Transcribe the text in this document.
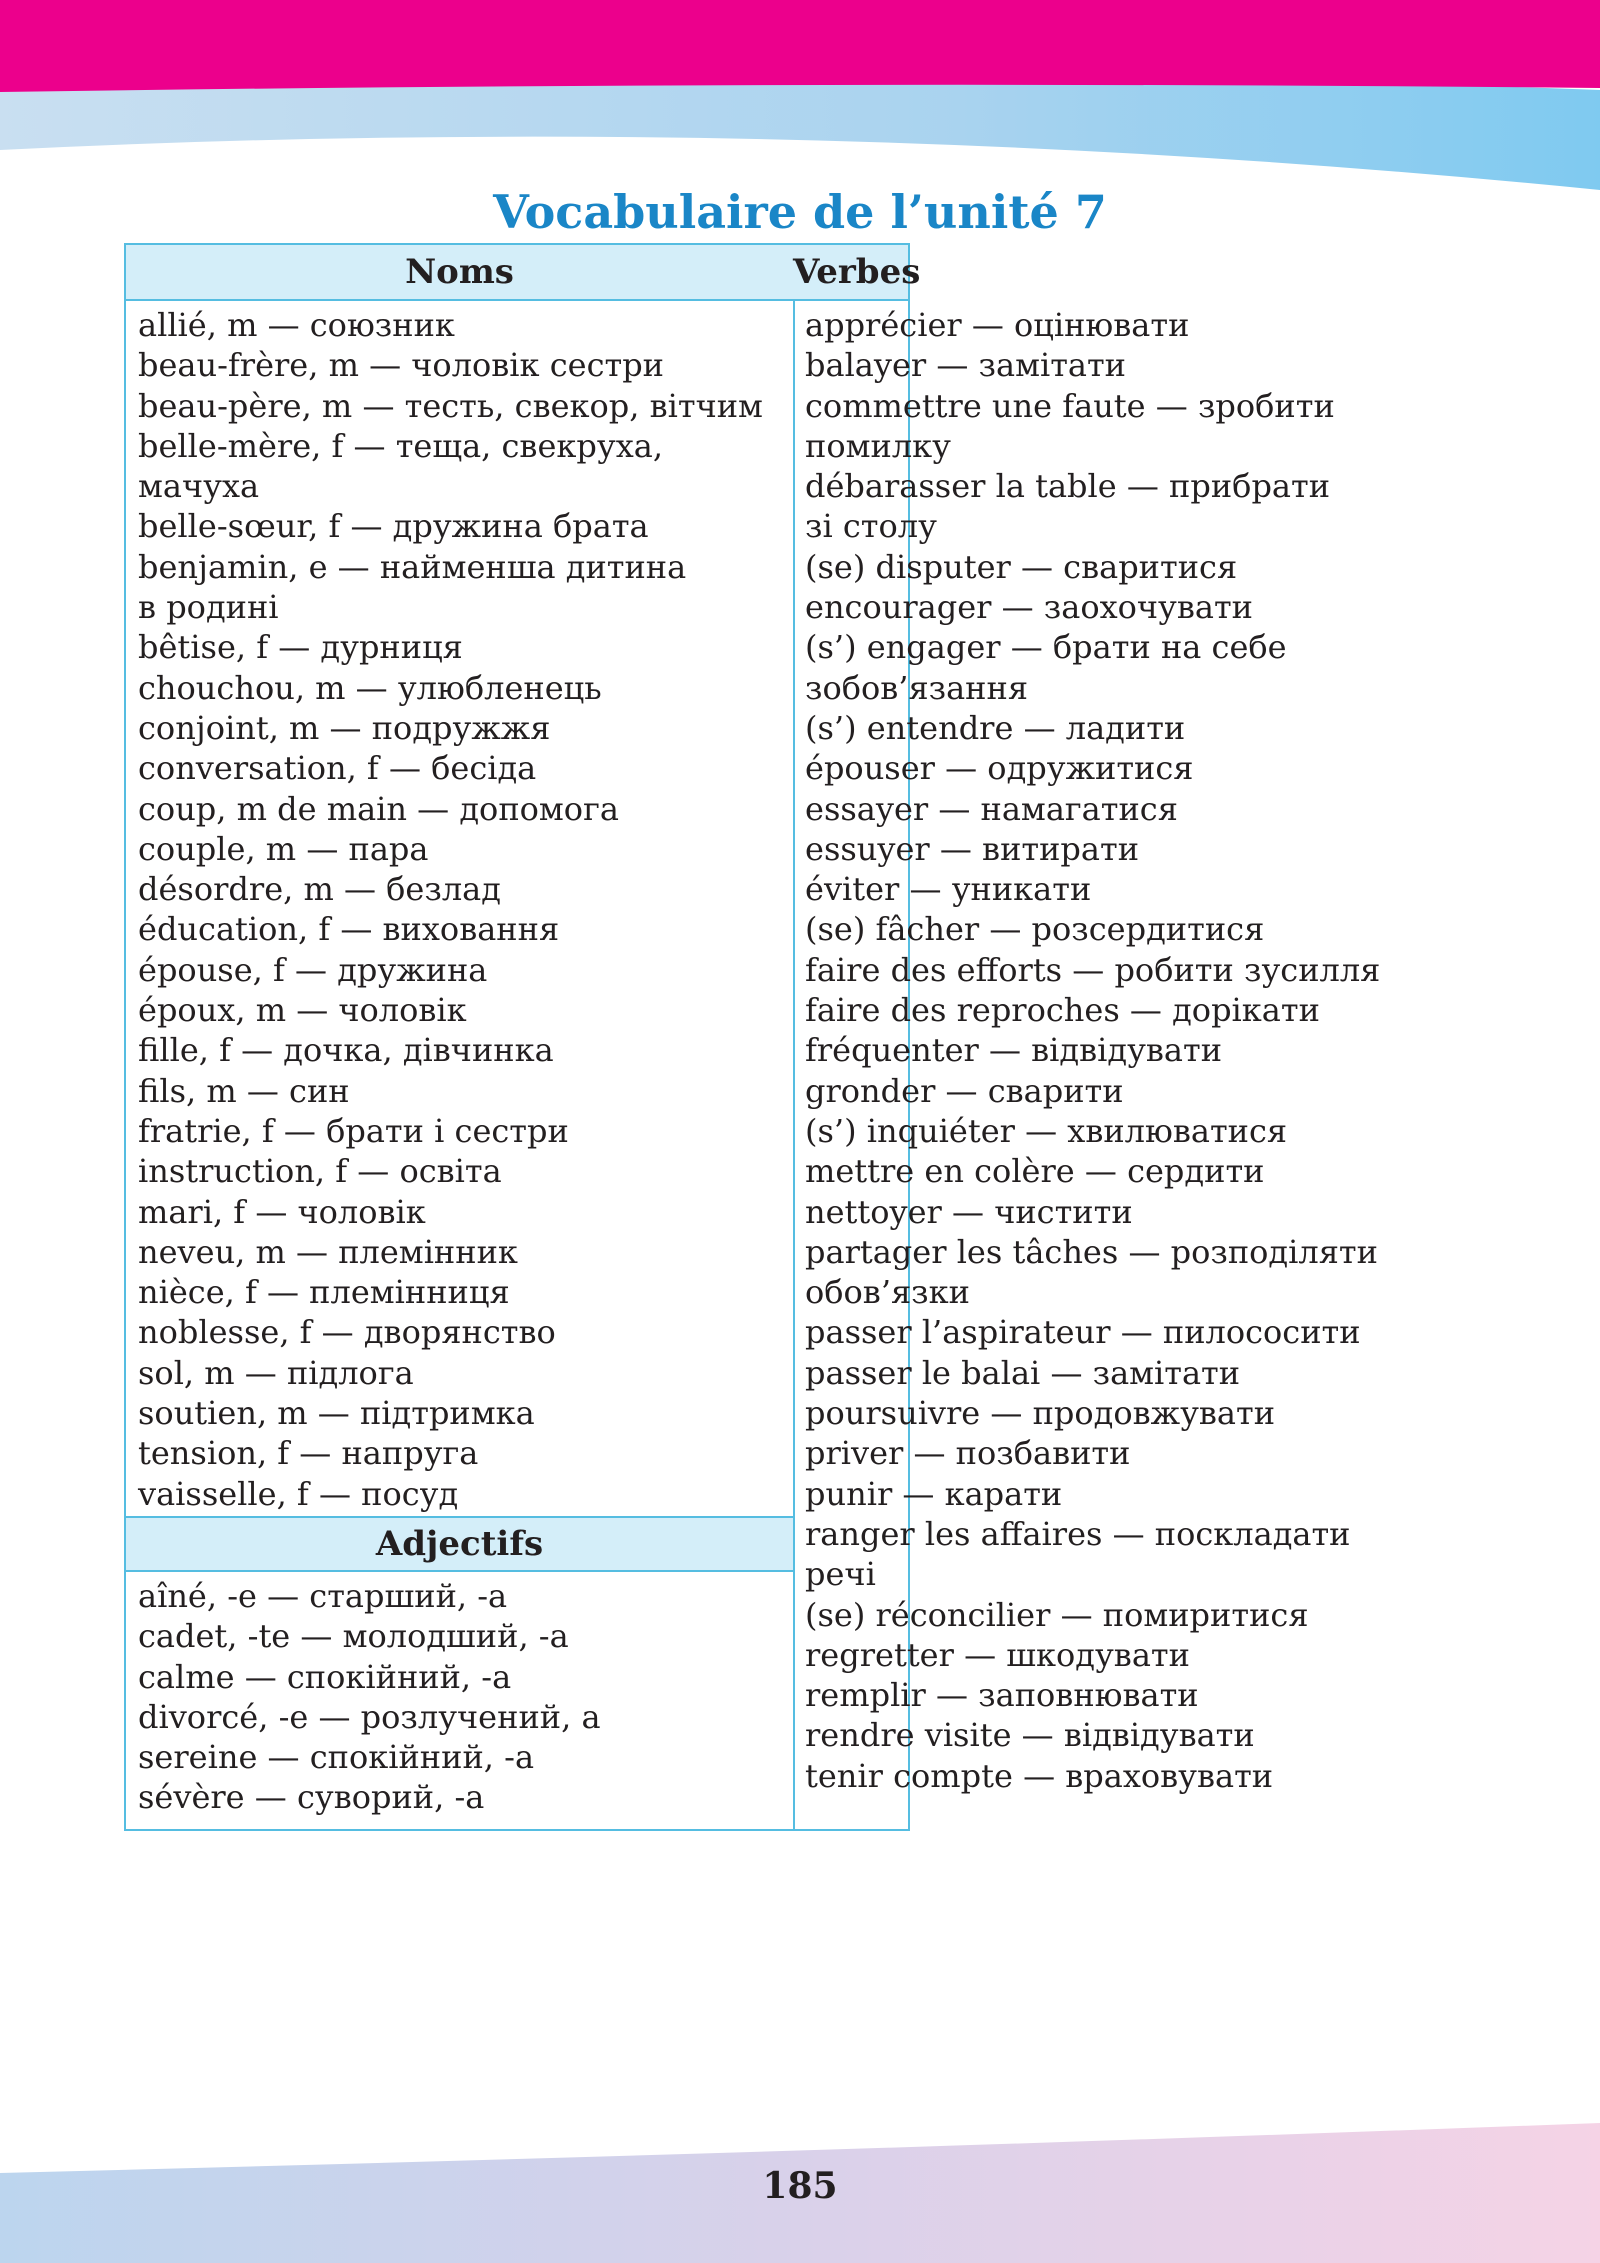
Vocabulaire de l’unité 7
Noms
allié, m — союзник
beau-frère, m — чоловік сестри
beau-père, m — тесть, свекор, вітчим
belle-mère, f — теща, свекруха,
мачуха
belle-sœur, f — дружина брата
benjamin, e — найменша дитина
в родині
bêtise, f — дурниця
chouchou, m — улюбленець
conjoint, m — подружжя
conversation, f — бесіда
coup, m de main — допомога
couple, m — пара
désordre, m — безлад
éducation, f — виховання
épouse, f — дружина
époux, m — чоловік
fille, f — дочка, дівчинка
fils, m — син
fratrie, f — брати і сестри
instruction, f — освіта
mari, f — чоловік
neveu, m — племінник
nièce, f — племінниця
noblesse, f — дворянство
sol, m — підлога
soutien, m — підтримка
tension, f — напруга
vaisselle, f — посуд
Adjectifs
aîné, -e — старший, -а
cadet, -te — молодший, -а
calme — спокійний, -а
divorcé, -e — розлучений, а
sereine — спокійний, -а
sévère — суворий, -а
Verbes
apprécier — оцінювати
balayer — замітати
commettre une faute — зробити
помилку
débarasser la table — прибрати
зі столу
(se) disputer — сваритися
encourager — заохочувати
(s’) engager — брати на себе
зобов’язання
(s’) entendre — ладити
épouser — одружитися
essayer — намагатися
essuyer — витирати
éviter — уникати
(se) fâcher — розсердитися
faire des efforts — робити зусилля
faire des reproches — дорікати
fréquenter — відвідувати
gronder — сварити
(s’) inquiéter — хвилюватися
mettre en colère — сердити
nettoyer — чистити
partager les tâches — розподіляти
обов’язки
passer l’aspirateur — пилососити
passer le balai — замітати
poursuivre — продовжувати
priver — позбавити
punir — карати
ranger les affaires — поскладати
речі
(se) réconcilier — помиритися
regretter — шкодувати
remplir — заповнювати
rendre visite — відвідувати
tenir compte — враховувати
185
